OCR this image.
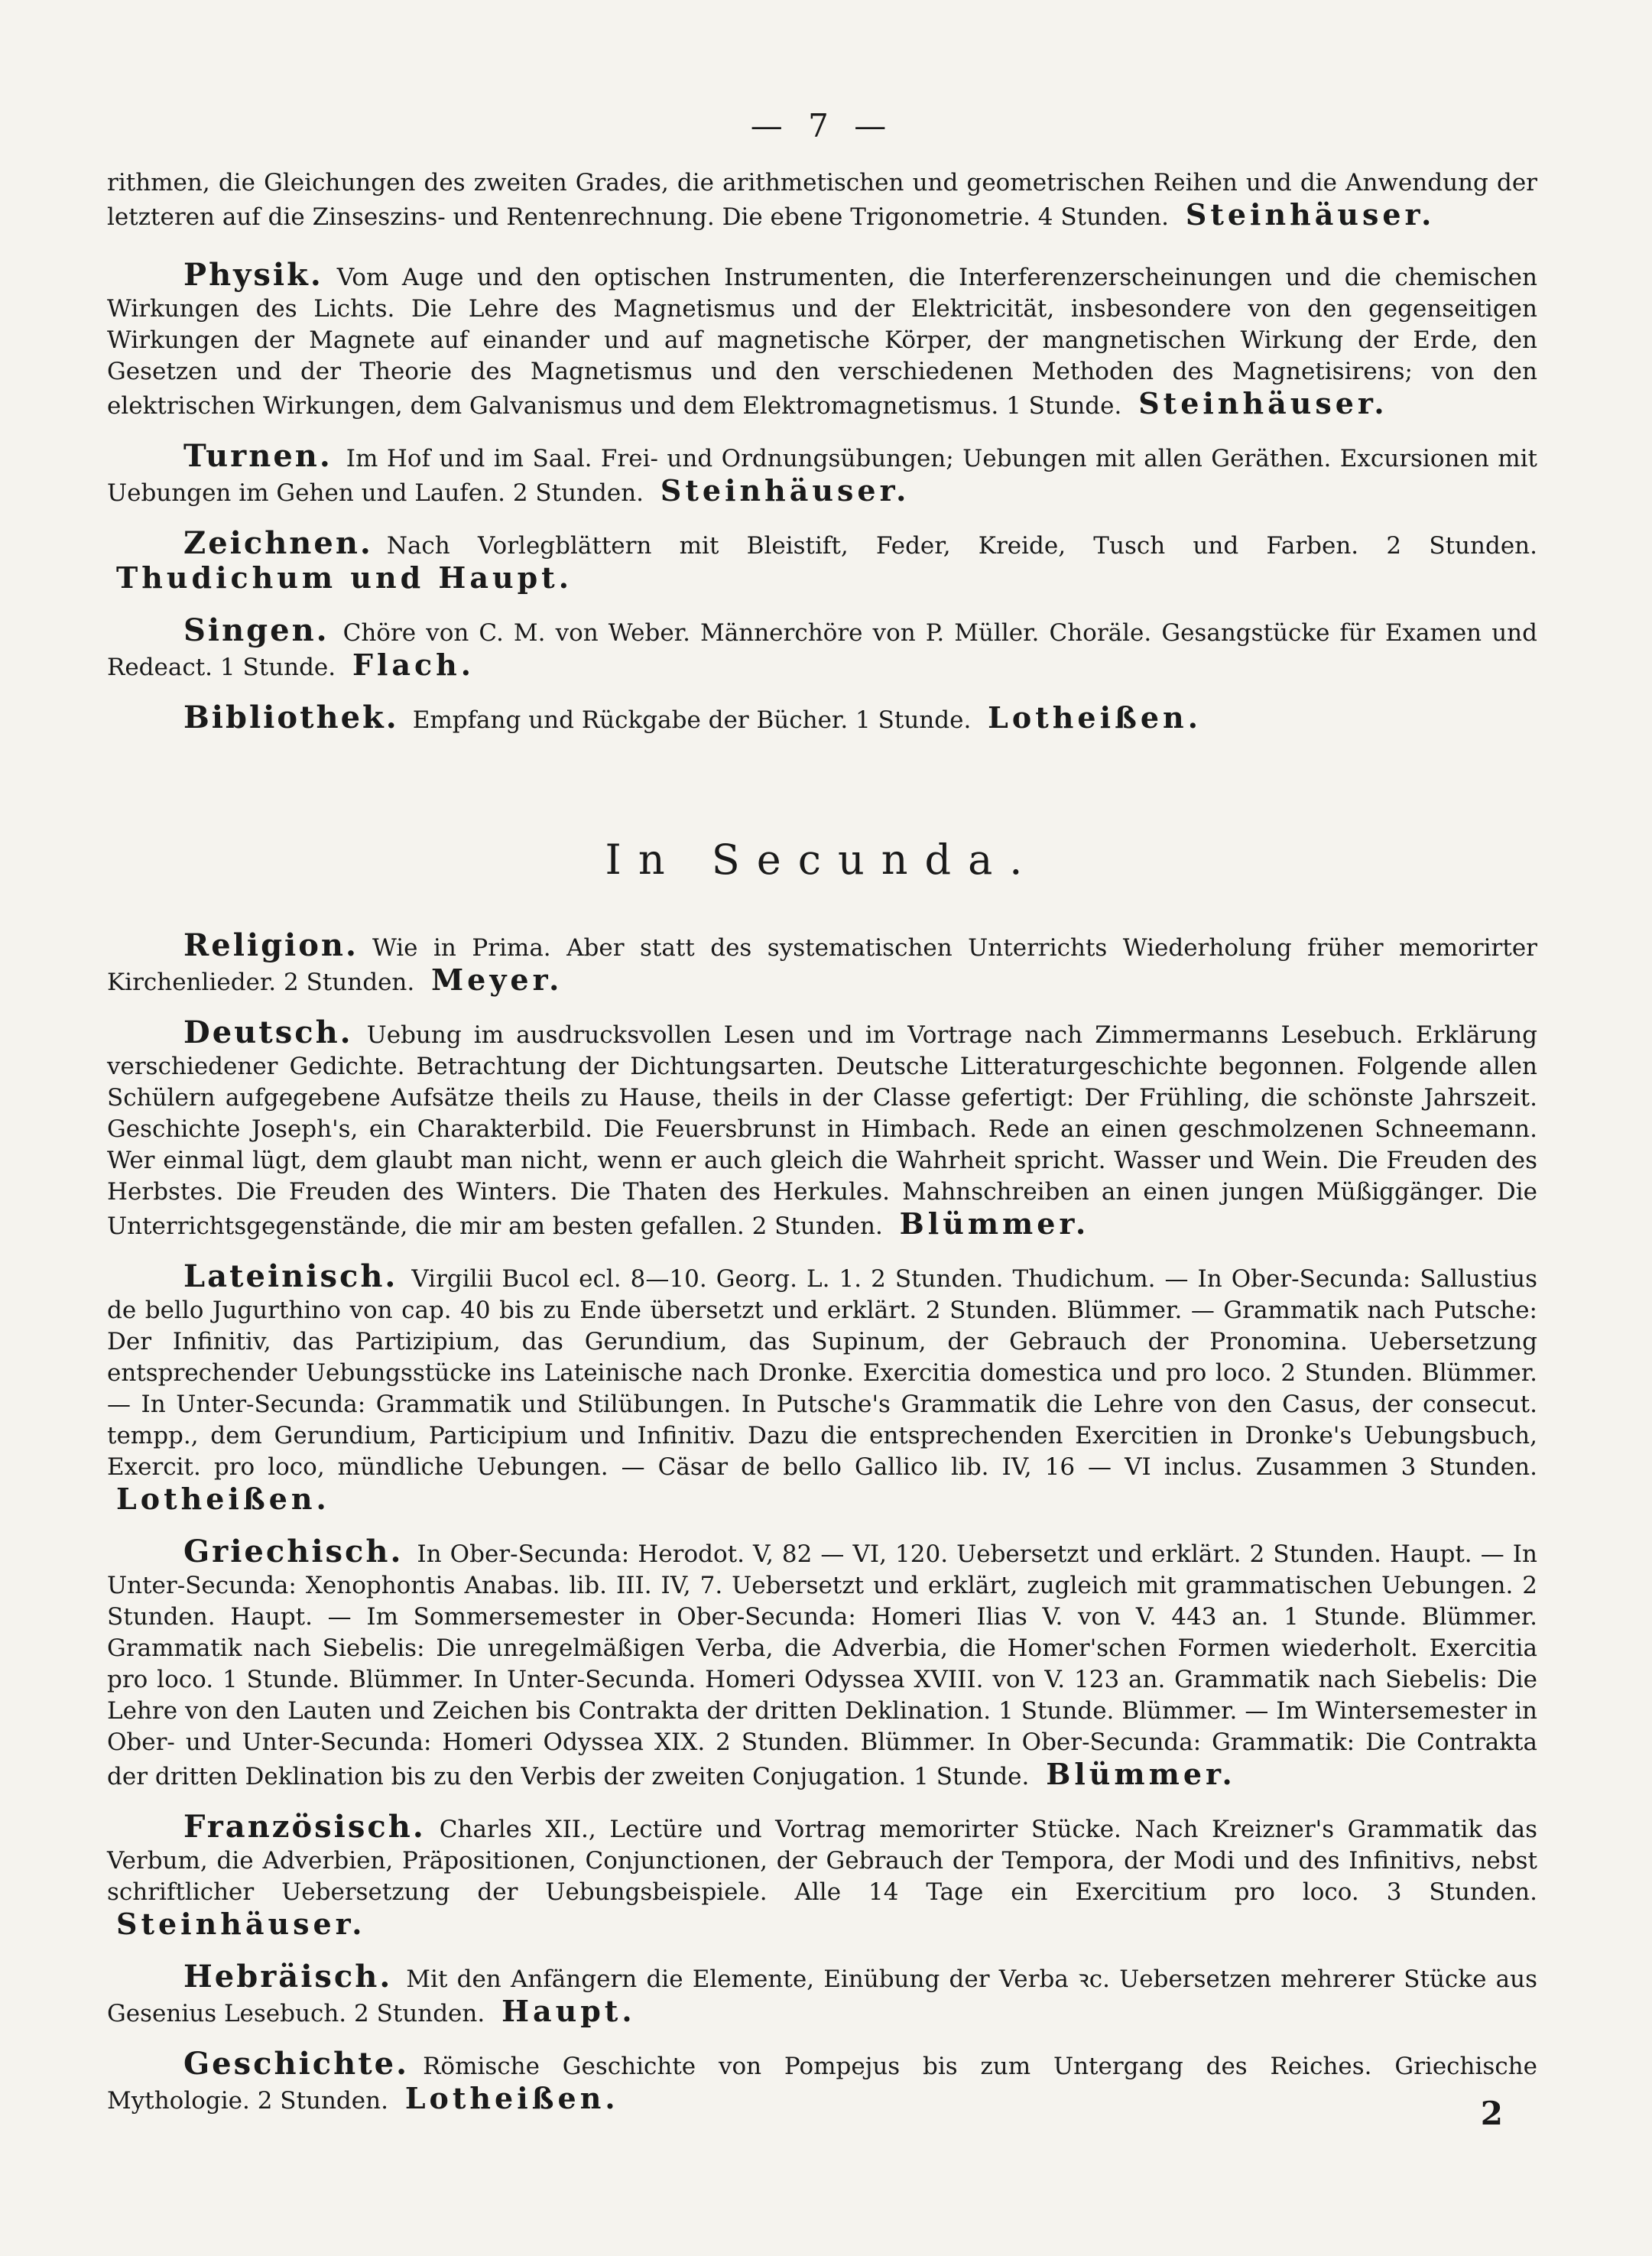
— 7 —

rithmen, die Gleichungen des zweiten Grades, die arithmetischen und geometrischen Reihen und die Anwendung der letzteren auf die Zinseszins- und Rentenrechnung. Die ebene Trigonometrie. 4 Stunden. Steinhäuser.

Physik. Vom Auge und den optischen Instrumenten, die Interferenzerscheinungen und die chemischen Wirkungen des Lichts. Die Lehre des Magnetismus und der Elektricität, insbesondere von den gegenseitigen Wirkungen der Magnete auf einander und auf magnetische Körper, der mangnetischen Wirkung der Erde, den Gesetzen und der Theorie des Magnetismus und den verschiedenen Methoden des Magnetisirens; von den elektrischen Wirkungen, dem Galvanismus und dem Elektromagnetismus. 1 Stunde. Steinhäuser.

Turnen. Im Hof und im Saal. Frei- und Ordnungsübungen; Uebungen mit allen Geräthen. Excursionen mit Uebungen im Gehen und Laufen. 2 Stunden. Steinhäuser.

Zeichnen. Nach Vorlegblättern mit Bleistift, Feder, Kreide, Tusch und Farben. 2 Stunden. Thudichum und Haupt.

Singen. Chöre von C. M. von Weber. Männerchöre von P. Müller. Choräle. Gesangstücke für Examen und Redeact. 1 Stunde. Flach.

Bibliothek. Empfang und Rückgabe der Bücher. 1 Stunde. Lotheißen.

In Secunda.

Religion. Wie in Prima. Aber statt des systematischen Unterrichts Wiederholung früher memorirter Kirchenlieder. 2 Stunden. Meyer.

Deutsch. Uebung im ausdrucksvollen Lesen und im Vortrage nach Zimmermanns Lesebuch. Erklärung verschiedener Gedichte. Betrachtung der Dichtungsarten. Deutsche Litteraturgeschichte begonnen. Folgende allen Schülern aufgegebene Aufsätze theils zu Hause, theils in der Classe gefertigt: Der Frühling, die schönste Jahrszeit. Geschichte Joseph's, ein Charakterbild. Die Feuersbrunst in Himbach. Rede an einen geschmolzenen Schneemann. Wer einmal lügt, dem glaubt man nicht, wenn er auch gleich die Wahrheit spricht. Wasser und Wein. Die Freuden des Herbstes. Die Freuden des Winters. Die Thaten des Herkules. Mahnschreiben an einen jungen Müßiggänger. Die Unterrichtsgegenstände, die mir am besten gefallen. 2 Stunden. Blümmer.

Lateinisch. Virgilii Bucol ecl. 8—10. Georg. L. 1. 2 Stunden. Thudichum. — In Ober-Secunda: Sallustius de bello Jugurthino von cap. 40 bis zu Ende übersetzt und erklärt. 2 Stunden. Blümmer. — Grammatik nach Putsche: Der Infinitiv, das Partizipium, das Gerundium, das Supinum, der Gebrauch der Pronomina. Uebersetzung entsprechender Uebungsstücke ins Lateinische nach Dronke. Exercitia domestica und pro loco. 2 Stunden. Blümmer. — In Unter-Secunda: Grammatik und Stilübungen. In Putsche's Grammatik die Lehre von den Casus, der consecut. tempp., dem Gerundium, Participium und Infinitiv. Dazu die entsprechenden Exercitien in Dronke's Uebungsbuch, Exercit. pro loco, mündliche Uebungen. — Cäsar de bello Gallico lib. IV, 16 — VI inclus. Zusammen 3 Stunden. Lotheißen.

Griechisch. In Ober-Secunda: Herodot. V, 82 — VI, 120. Uebersetzt und erklärt. 2 Stunden. Haupt. — In Unter-Secunda: Xenophontis Anabas. lib. III. IV, 7. Uebersetzt und erklärt, zugleich mit grammatischen Uebungen. 2 Stunden. Haupt. — Im Sommersemester in Ober-Secunda: Homeri Ilias V. von V. 443 an. 1 Stunde. Blümmer. Grammatik nach Siebelis: Die unregelmäßigen Verba, die Adverbia, die Homer'schen Formen wiederholt. Exercitia pro loco. 1 Stunde. Blümmer. In Unter-Secunda. Homeri Odyssea XVIII. von V. 123 an. Grammatik nach Siebelis: Die Lehre von den Lauten und Zeichen bis Contrakta der dritten Deklination. 1 Stunde. Blümmer. — Im Wintersemester in Ober- und Unter-Secunda: Homeri Odyssea XIX. 2 Stunden. Blümmer. In Ober-Secunda: Grammatik: Die Contrakta der dritten Deklination bis zu den Verbis der zweiten Conjugation. 1 Stunde. Blümmer.

Französisch. Charles XII., Lectüre und Vortrag memorirter Stücke. Nach Kreizner's Grammatik das Verbum, die Adverbien, Präpositionen, Conjunctionen, der Gebrauch der Tempora, der Modi und des Infinitivs, nebst schriftlicher Uebersetzung der Uebungsbeispiele. Alle 14 Tage ein Exercitium pro loco. 3 Stunden. Steinhäuser.

Hebräisch. Mit den Anfängern die Elemente, Einübung der Verba ꝛc. Uebersetzen mehrerer Stücke aus Gesenius Lesebuch. 2 Stunden. Haupt.

Geschichte. Römische Geschichte von Pompejus bis zum Untergang des Reiches. Griechische Mythologie. 2 Stunden. Lotheißen.	2
